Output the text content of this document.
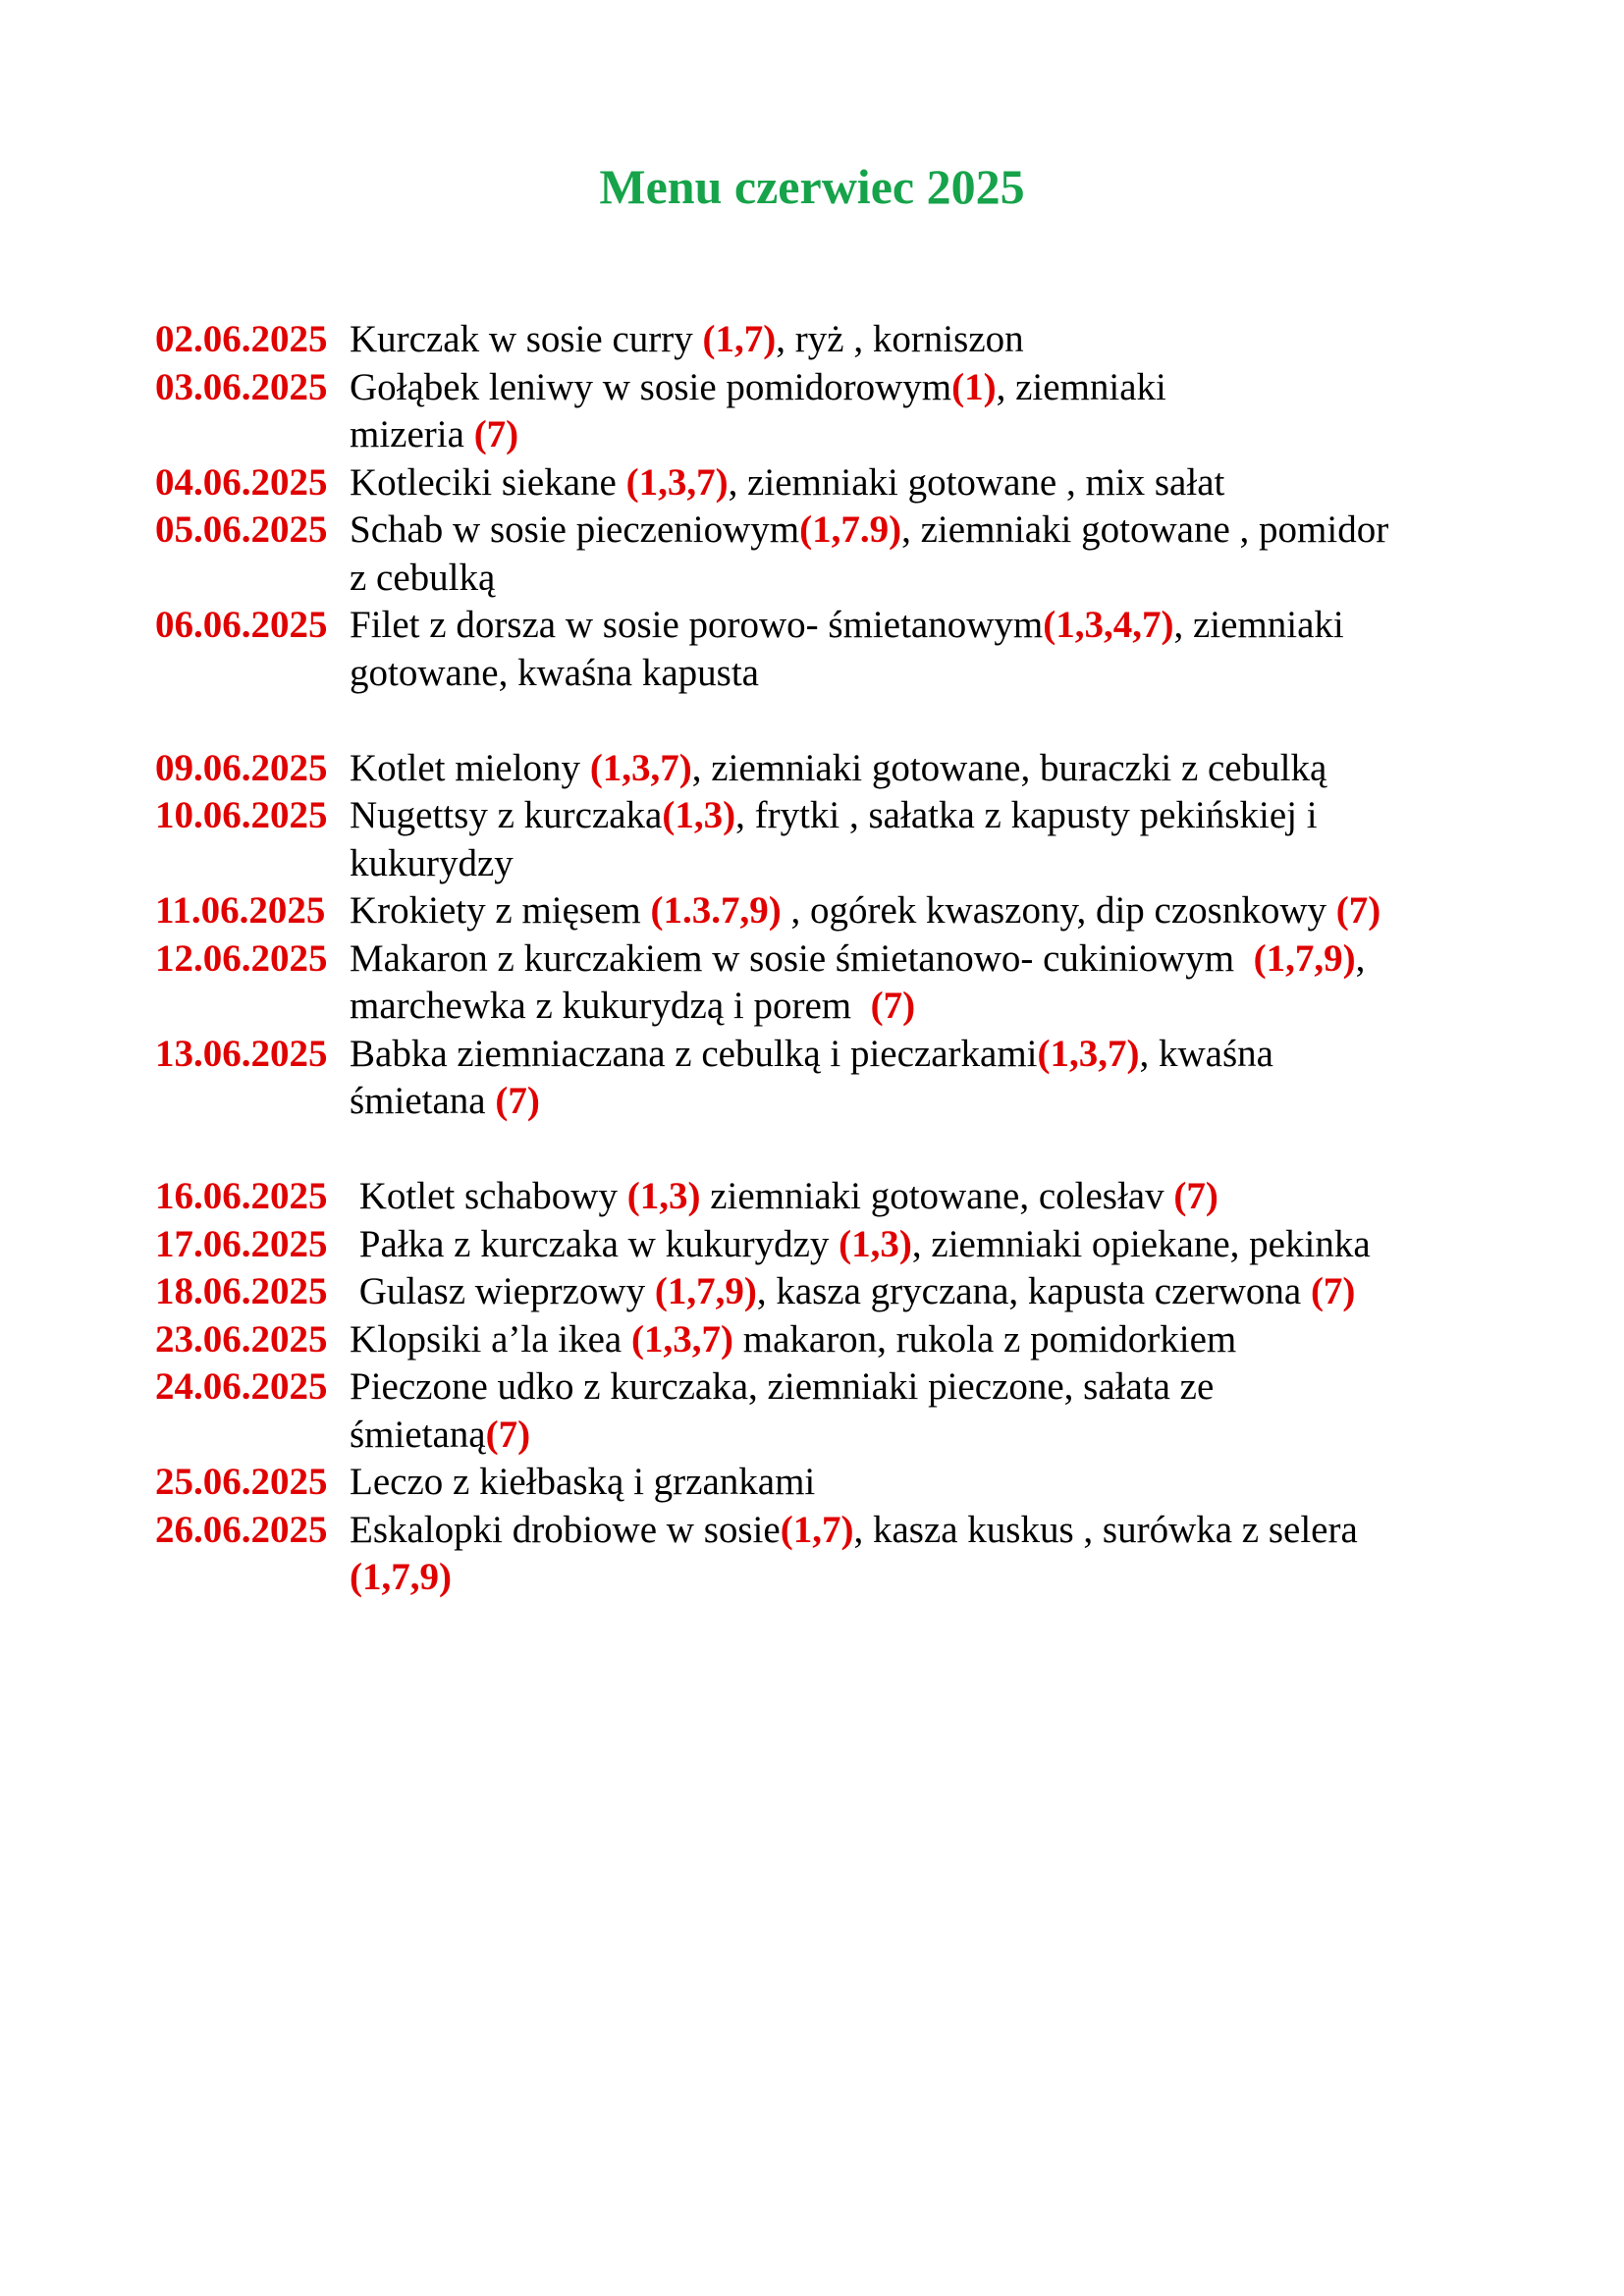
Menu czerwiec 2025
02.06.2025 Kurczak w sosie curry (1,7), ryż , korniszon
03.06.2025 Gołąbek leniwy w sosie pomidorowym(1), ziemniaki
mizeria (7)
04.06.2025 Kotleciki siekane (1,3,7), ziemniaki gotowane , mix sałat
05.06.2025 Schab w sosie pieczeniowym(1,7.9), ziemniaki gotowane , pomidor
z cebulką
06.06.2025 Filet z dorsza w sosie porowo- śmietanowym(1,3,4,7), ziemniaki
gotowane, kwaśna kapusta
09.06.2025 Kotlet mielony (1,3,7), ziemniaki gotowane, buraczki z cebulką
10.06.2025 Nugettsy z kurczaka(1,3), frytki , sałatka z kapusty pekińskiej i
kukurydzy
11.06.2025 Krokiety z mięsem (1.3.7,9) , ogórek kwaszony, dip czosnkowy (7)
12.06.2025 Makaron z kurczakiem w sosie śmietanowo- cukiniowym  (1,7,9),
marchewka z kukurydzą i porem  (7)
13.06.2025 Babka ziemniaczana z cebulką i pieczarkami(1,3,7), kwaśna
śmietana (7)
16.06.2025 Kotlet schabowy (1,3) ziemniaki gotowane, colesłav (7)
17.06.2025 Pałka z kurczaka w kukurydzy (1,3), ziemniaki opiekane, pekinka
18.06.2025 Gulasz wieprzowy (1,7,9), kasza gryczana, kapusta czerwona (7)
23.06.2025 Klopsiki a’la ikea (1,3,7) makaron, rukola z pomidorkiem
24.06.2025 Pieczone udko z kurczaka, ziemniaki pieczone, sałata ze
śmietaną(7)
25.06.2025 Leczo z kiełbaską i grzankami
26.06.2025 Eskalopki drobiowe w sosie(1,7), kasza kuskus , surówka z selera
(1,7,9)
